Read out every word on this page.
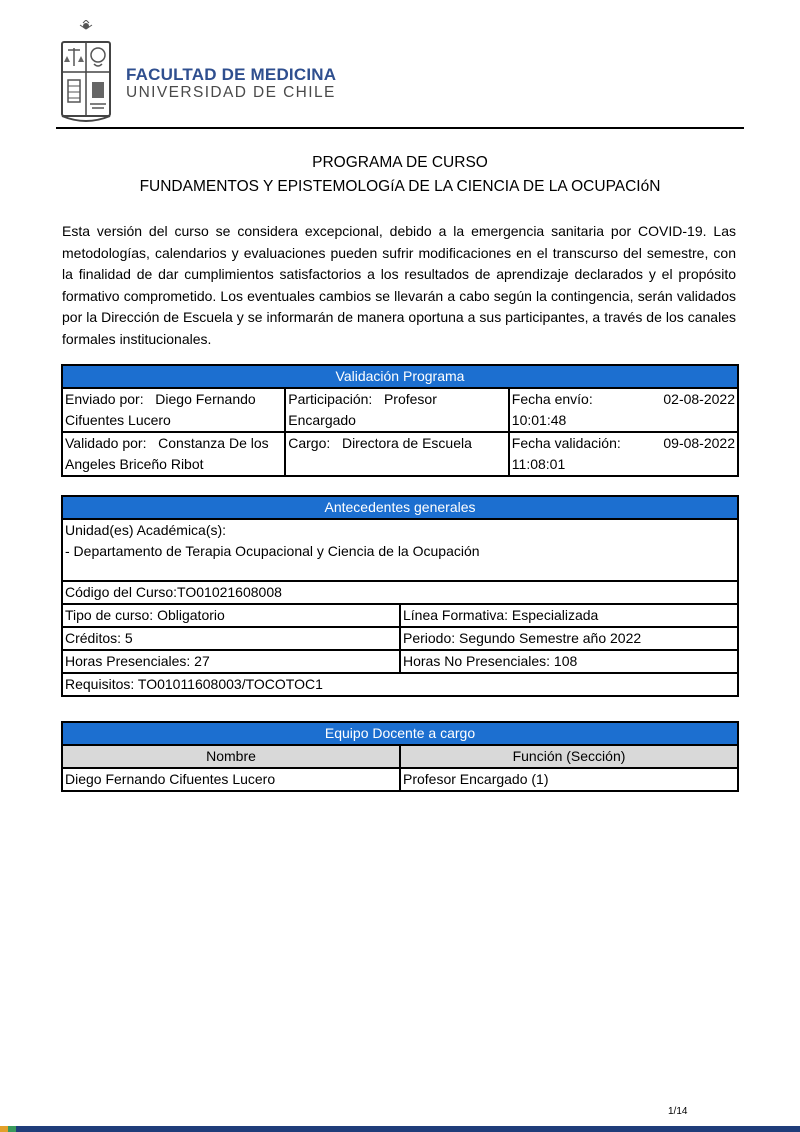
FACULTAD DE MEDICINA
UNIVERSIDAD DE CHILE
PROGRAMA DE CURSO
FUNDAMENTOS Y EPISTEMOLOGíA DE LA CIENCIA DE LA OCUPACIóN
Esta versión del curso se considera excepcional, debido a la emergencia sanitaria por COVID-19. Las metodologías, calendarios y evaluaciones pueden sufrir modificaciones en el transcurso del semestre, con la finalidad de dar cumplimientos satisfactorios a los resultados de aprendizaje declarados y el propósito formativo comprometido. Los eventuales cambios se llevarán a cabo según la contingencia, serán validados por la Dirección de Escuela y se informarán de manera oportuna a sus participantes, a través de los canales formales institucionales.
Validación Programa		
Enviado por: Diego Fernando Cifuentes Lucero	Participación: Profesor Encargado	Fecha envío: 02-08-2022
10:01:48

Validado por: Constanza De los Angeles Briceño Ribot	Cargo: Directora de Escuela	Fecha validación: 09-08-2022
11:08:01
Antecedentes generales	

Unidad(es) Académica(s):
- Departamento de Terapia Ocupacional y Ciencia de la Ocupación	

Código del Curso:TO01021608008	
Tipo de curso: Obligatorio	Línea Formativa: Especializada
Créditos: 5	Periodo: Segundo Semestre año 2022
Horas Presenciales: 27	Horas No Presenciales: 108
Requisitos: TO01011608003/TOCOTOC1	
Equipo Docente a cargo	
Nombre	Función (Sección)
Diego Fernando Cifuentes Lucero	Profesor Encargado (1)
1/14
